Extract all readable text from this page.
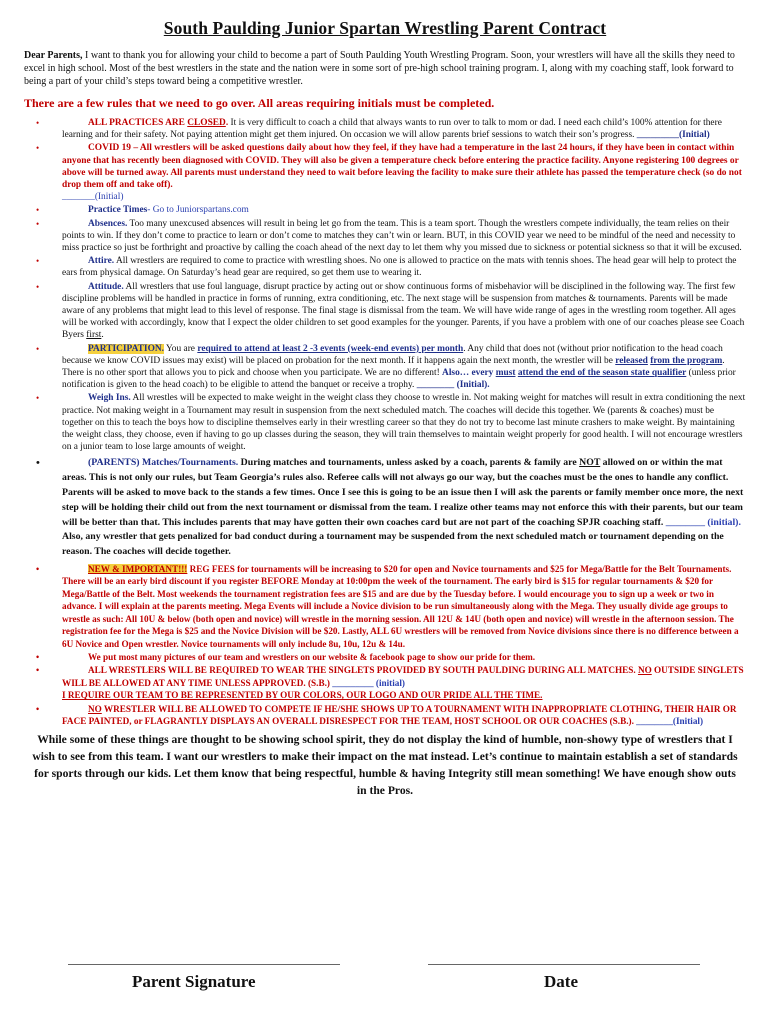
South Paulding Junior Spartan Wrestling Parent Contract

Dear Parents, I want to thank you for allowing your child to become a part of South Paulding Youth Wrestling Program. Soon, your wrestlers will have all the skills they need to excel in high school. Most of the best wrestlers in the state and the nation were in some sort of pre-high school training program. I, along with my coaching staff, look forward to being a part of your child’s steps toward being a competitive wrestler.

There are a few rules that we need to go over. All areas requiring initials must be completed.

•	ALL PRACTICES ARE CLOSED. It is very difficult to coach a child that always wants to run over to talk to mom or dad. I need each child’s 100% attention for there learning and for their safety. Not paying attention might get them injured. On occasion we will allow parents brief sessions to watch their son’s progress. _________(Initial)
•	COVID 19 – All wrestlers will be asked questions daily about how they feel, if they have had a temperature in the last 24 hours, if they have been in contact within anyone that has recently been diagnosed with COVID. They will also be given a temperature check before entering the practice facility. Anyone registering 100 degrees or above will be turned away. All parents must understand they need to wait before leaving the facility to make sure their athlete has passed the temperature check (so do not drop them off and take off).
_______(Initial)
•	Practice Times- Go to Juniorspartans.com
•	Absences. Too many unexcused absences will result in being let go from the team. This is a team sport. Though the wrestlers compete individually, the team relies on their points to win. If they don’t come to practice to learn or don’t come to matches they can’t win or learn. BUT, in this COVID year we need to be mindful of the need and necessity to miss practice so just be forthright and proactive by calling the coach ahead of the next day to let them why you missed due to sickness or potential sickness so that it will be excused.
•	Attire. All wrestlers are required to come to practice with wrestling shoes. No one is allowed to practice on the mats with tennis shoes. The head gear will help to protect the ears from physical damage. On Saturday’s head gear are required, so get them use to wearing it.
•	Attitude. All wrestlers that use foul language, disrupt practice by acting out or show continuous forms of misbehavior will be disciplined in the following way. The first few discipline problems will be handled in practice in forms of running, extra conditioning, etc. The next stage will be suspension from matches & tournaments. Parents will be made aware of any problems that might lead to this level of response. The final stage is dismissal from the team. We will have wide range of ages in the wrestling room together. All ages will be worked with accordingly, know that I expect the older children to set good examples for the younger. Parents, if you have a problem with one of our coaches please see Coach Byers first.
•	PARTICIPATION. You are required to attend at least 2 -3 events (week-end events) per month. Any child that does not (without prior notification to the head coach because we know COVID issues may exist) will be placed on probation for the next month. If it happens again the next month, the wrestler will be released from the program. There is no other sport that allows you to pick and choose when you participate. We are no different! Also… every must attend the end of the season state qualifier (unless prior notification is given to the head coach) to be eligible to attend the banquet or receive a trophy. ________ (Initial).
•	Weigh Ins. All wrestles will be expected to make weight in the weight class they choose to wrestle in. Not making weight for matches will result in extra conditioning the next practice. Not making weight in a Tournament may result in suspension from the next scheduled match. The coaches will decide this together. We (parents & coaches) must be together on this to teach the boys how to discipline themselves early in their wrestling career so that they do not try to become last minute crashers to make weight. By maintaining the weight class, they choose, even if having to go up classes during the season, they will train themselves to maintain weight properly for good health. I will not encourage wrestlers on a junior team to lose large amounts of weight.
•	(PARENTS) Matches/Tournaments. During matches and tournaments, unless asked by a coach, parents & family are NOT allowed on or within the mat areas. This is not only our rules, but Team Georgia’s rules also. Referee calls will not always go our way, but the coaches must be the ones to handle any conflict. Parents will be asked to move back to the stands a few times. Once I see this is going to be an issue then I will ask the parents or family member once more, the next step will be holding their child out from the next tournament or dismissal from the team. I realize other teams may not enforce this with their parents, but our team will be better than that. This includes parents that may have gotten their own coaches card but are not part of the coaching SPJR coaching staff. ________ (initial). Also, any wrestler that gets penalized for bad conduct during a tournament may be suspended from the next scheduled match or tournament depending on the reason. The coaches will decide together.
•	NEW & IMPORTANT!!! REG FEES for tournaments will be increasing to $20 for open and Novice tournaments and $25 for Mega/Battle for the Belt Tournaments. There will be an early bird discount if you register BEFORE Monday at 10:00pm the week of the tournament. The early bird is $15 for regular tournaments & $20 for Mega/Battle of the Belt. Most weekends the tournament registration fees are $15 and are due by the Tuesday before. I would encourage you to sign up a week or two in advance. I will explain at the parents meeting. Mega Events will include a Novice division to be run simultaneously along with the Mega. They usually divide age groups to wrestle as such: All 10U & below (both open and novice) will wrestle in the morning session. All 12U & 14U (both open and novice) will wrestle in the afternoon session. The registration fee for the Mega is $25 and the Novice Division will be $20. Lastly, ALL 6U wrestlers will be removed from Novice divisions since there is no difference between a 6U Novice and Open wrestler. Novice tournaments will only include 8u, 10u, 12u & 14u.
•	We put most many pictures of our team and wrestlers on our website & facebook page to show our pride for them.
•	ALL WRESTLERS WILL BE REQUIRED TO WEAR THE SINGLETS PROVIDED BY SOUTH PAULDING DURING ALL MATCHES. NO OUTSIDE SINGLETS WILL BE ALLOWED AT ANY TIME UNLESS APPROVED. (S.B.) _________ (initial)
I REQUIRE OUR TEAM TO BE REPRESENTED BY OUR COLORS, OUR LOGO AND OUR PRIDE ALL THE TIME.
•	NO WRESTLER WILL BE ALLOWED TO COMPETE IF HE/SHE SHOWS UP TO A TOURNAMENT WITH INAPPROPRIATE CLOTHING, THEIR HAIR OR FACE PAINTED, or FLAGRANTLY DISPLAYS AN OVERALL DISRESPECT FOR THE TEAM, HOST SCHOOL OR OUR COACHES (S.B.). ________(Initial)

While some of these things are thought to be showing school spirit, they do not display the kind of humble, non-showy type of wrestlers that I wish to see from this team. I want our wrestlers to make their impact on the mat instead. Let’s continue to maintain establish a set of standards for sports through our kids. Let them know that being respectful, humble & having Integrity still mean something! We have enough show outs in the Pros.

Parent Signature	Date
